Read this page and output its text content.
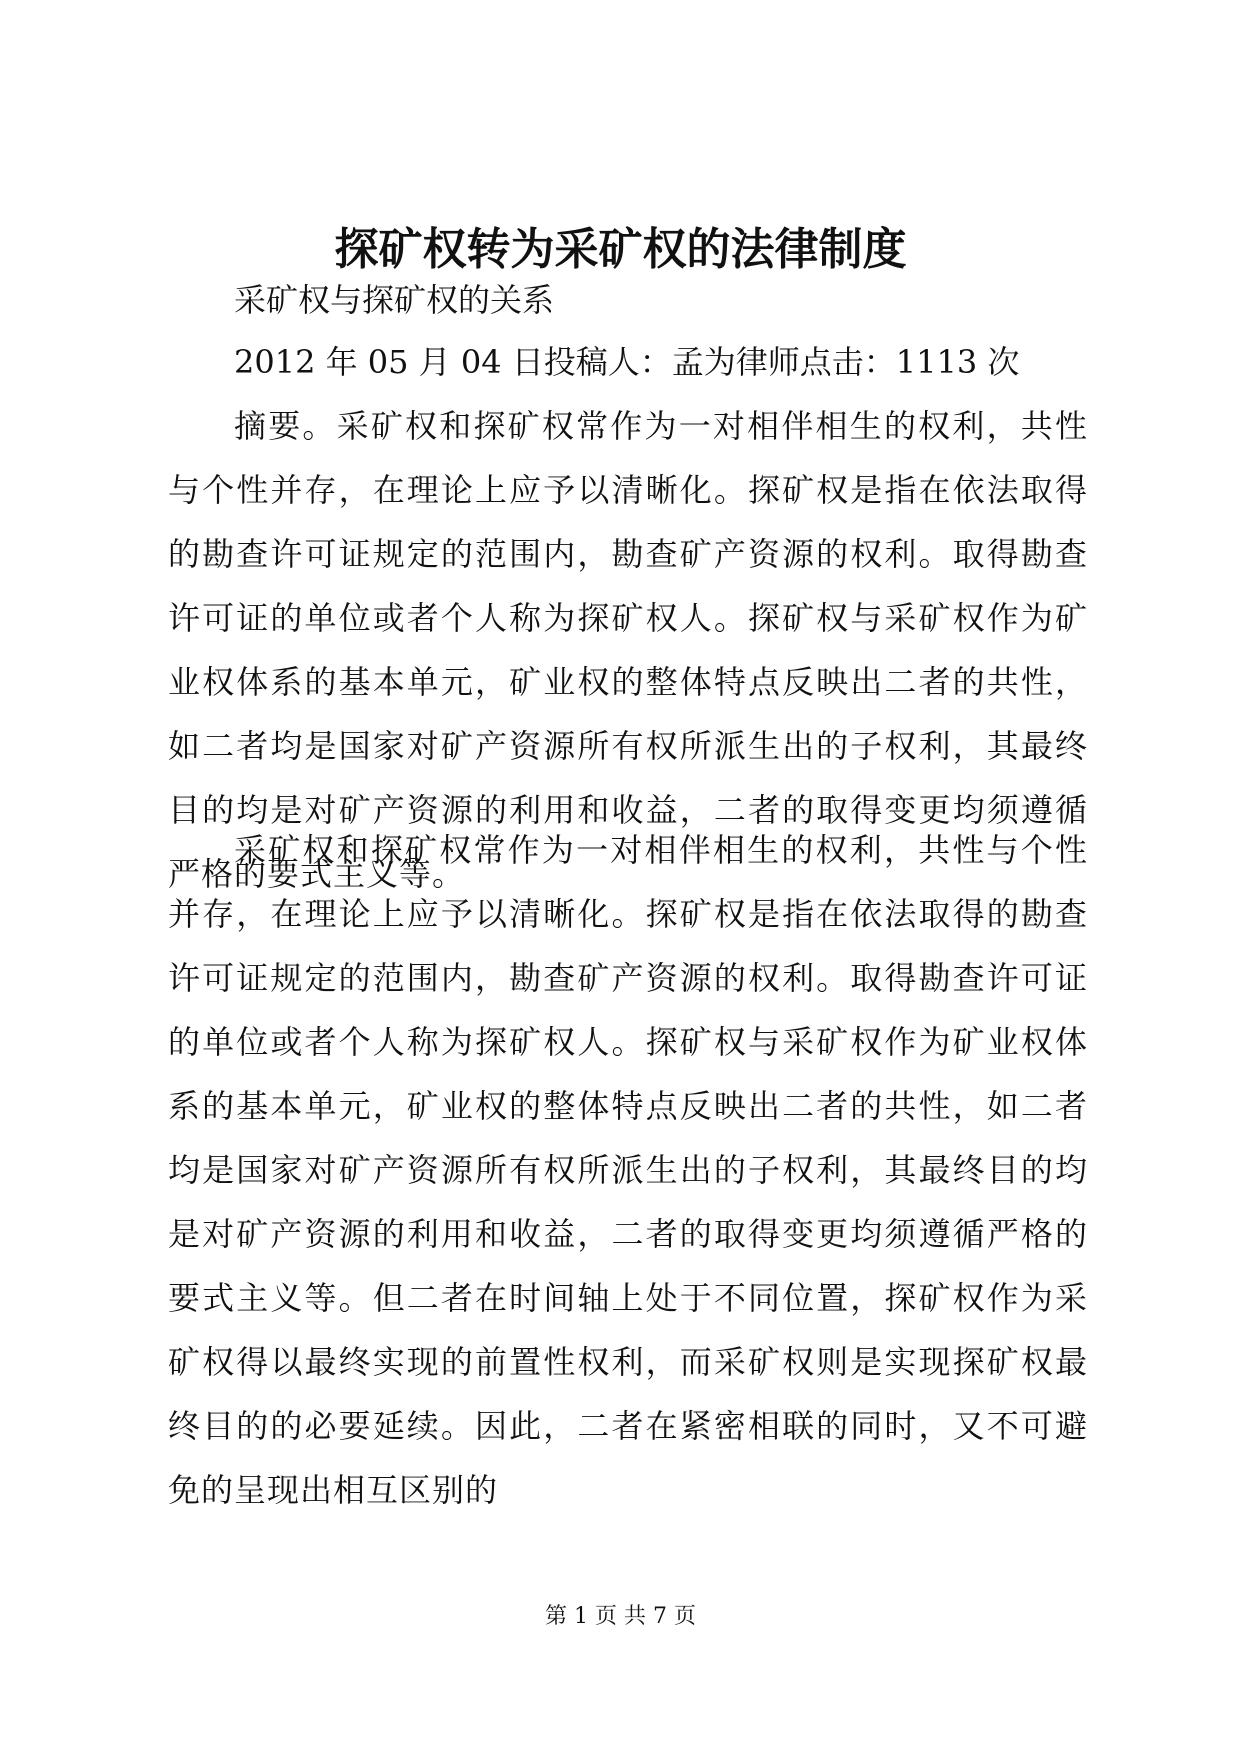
探矿权转为采矿权的法律制度

采矿权与探矿权的关系

2012 年 05 月 04 日投稿人：孟为律师点击：1113 次

摘要。采矿权和探矿权常作为一对相伴相生的权利，共性与个性并存，在理论上应予以清晰化。探矿权是指在依法取得的勘查许可证规定的范围内，勘查矿产资源的权利。取得勘查许可证的单位或者个人称为探矿权人。探矿权与采矿权作为矿业权体系的基本单元，矿业权的整体特点反映出二者的共性，如二者均是国家对矿产资源所有权所派生出的子权利，其最终目的均是对矿产资源的利用和收益，二者的取得变更均须遵循严格的要式主义等。

采矿权和探矿权常作为一对相伴相生的权利，共性与个性并存，在理论上应予以清晰化。探矿权是指在依法取得的勘查许可证规定的范围内，勘查矿产资源的权利。取得勘查许可证的单位或者个人称为探矿权人。探矿权与采矿权作为矿业权体系的基本单元，矿业权的整体特点反映出二者的共性，如二者均是国家对矿产资源所有权所派生出的子权利，其最终目的均是对矿产资源的利用和收益，二者的取得变更均须遵循严格的要式主义等。但二者在时间轴上处于不同位置，探矿权作为采矿权得以最终实现的前置性权利，而采矿权则是实现探矿权最终目的的必要延续。因此，二者在紧密相联的同时，又不可避免的呈现出相互区别的

第 1 页 共 7 页
